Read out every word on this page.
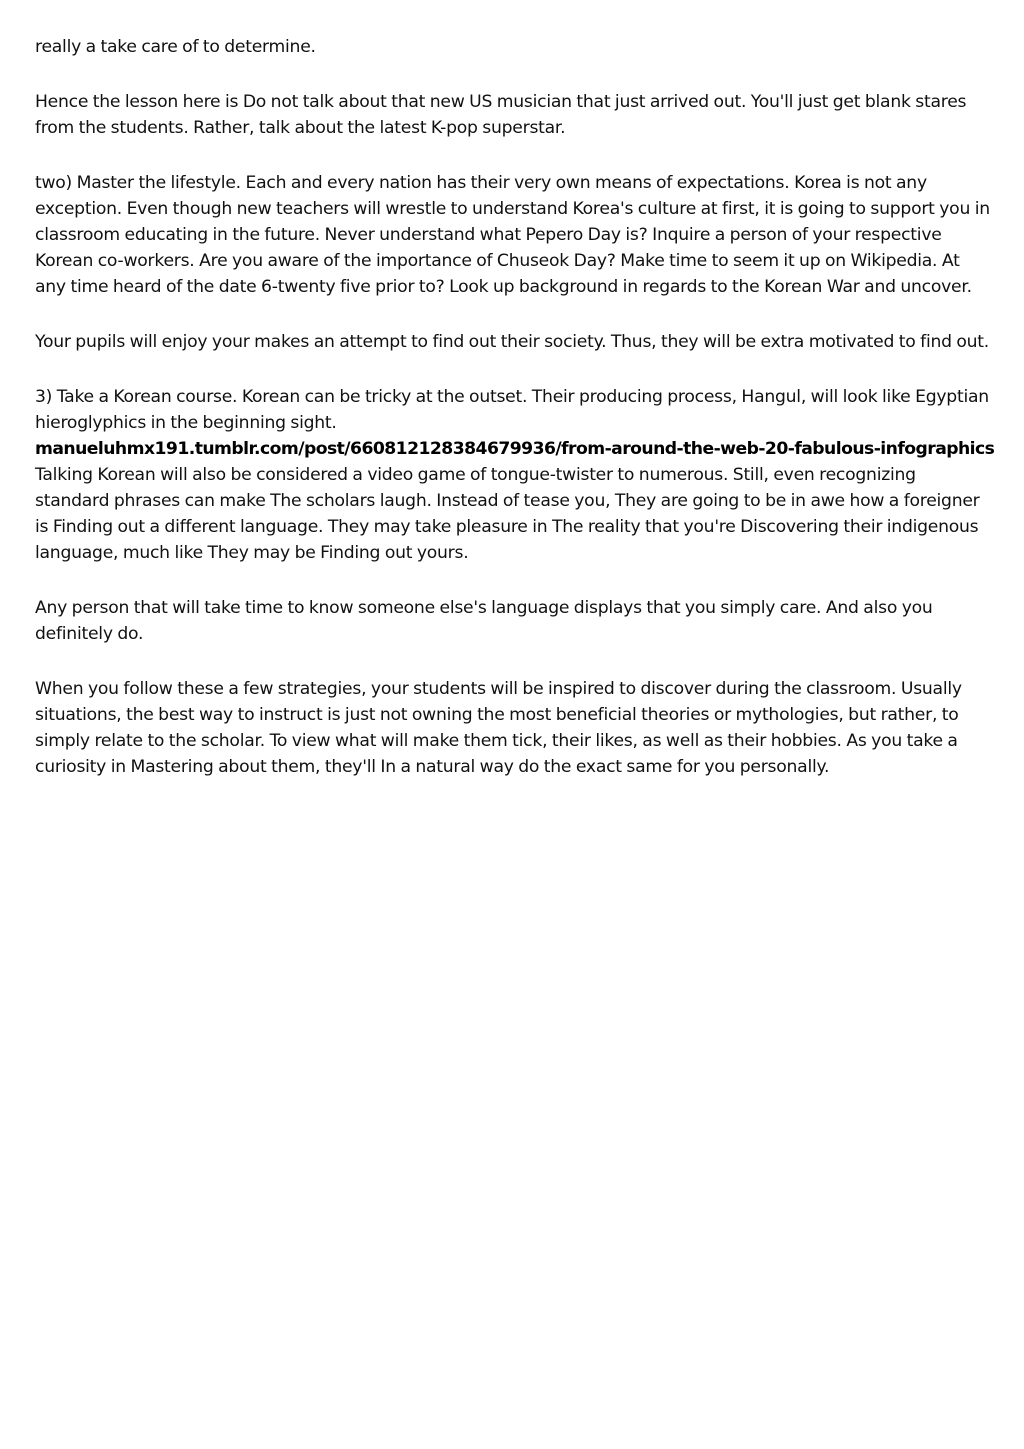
really a take care of to determine.

Hence the lesson here is Do not talk about that new US musician that just arrived out. You'll just get blank stares from the students. Rather, talk about the latest K-pop superstar.

two) Master the lifestyle. Each and every nation has their very own means of expectations. Korea is not any exception. Even though new teachers will wrestle to understand Korea's culture at first, it is going to support you in classroom educating in the future. Never understand what Pepero Day is? Inquire a person of your respective Korean co-workers. Are you aware of the importance of Chuseok Day? Make time to seem it up on Wikipedia. At any time heard of the date 6-twenty five prior to? Look up background in regards to the Korean War and uncover.

Your pupils will enjoy your makes an attempt to find out their society. Thus, they will be extra motivated to find out.

3) Take a Korean course. Korean can be tricky at the outset. Their producing process, Hangul, will look like Egyptian hieroglyphics in the beginning sight.
manueluhmx191.tumblr.com/post/660812128384679936/from-around-the-web-20-fabulous-infographics
Talking Korean will also be considered a video game of tongue-twister to numerous. Still, even recognizing standard phrases can make The scholars laugh. Instead of tease you, They are going to be in awe how a foreigner is Finding out a different language. They may take pleasure in The reality that you're Discovering their indigenous language, much like They may be Finding out yours.

Any person that will take time to know someone else's language displays that you simply care. And also you definitely do.

When you follow these a few strategies, your students will be inspired to discover during the classroom. Usually situations, the best way to instruct is just not owning the most beneficial theories or mythologies, but rather, to simply relate to the scholar. To view what will make them tick, their likes, as well as their hobbies. As you take a curiosity in Mastering about them, they'll In a natural way do the exact same for you personally.
